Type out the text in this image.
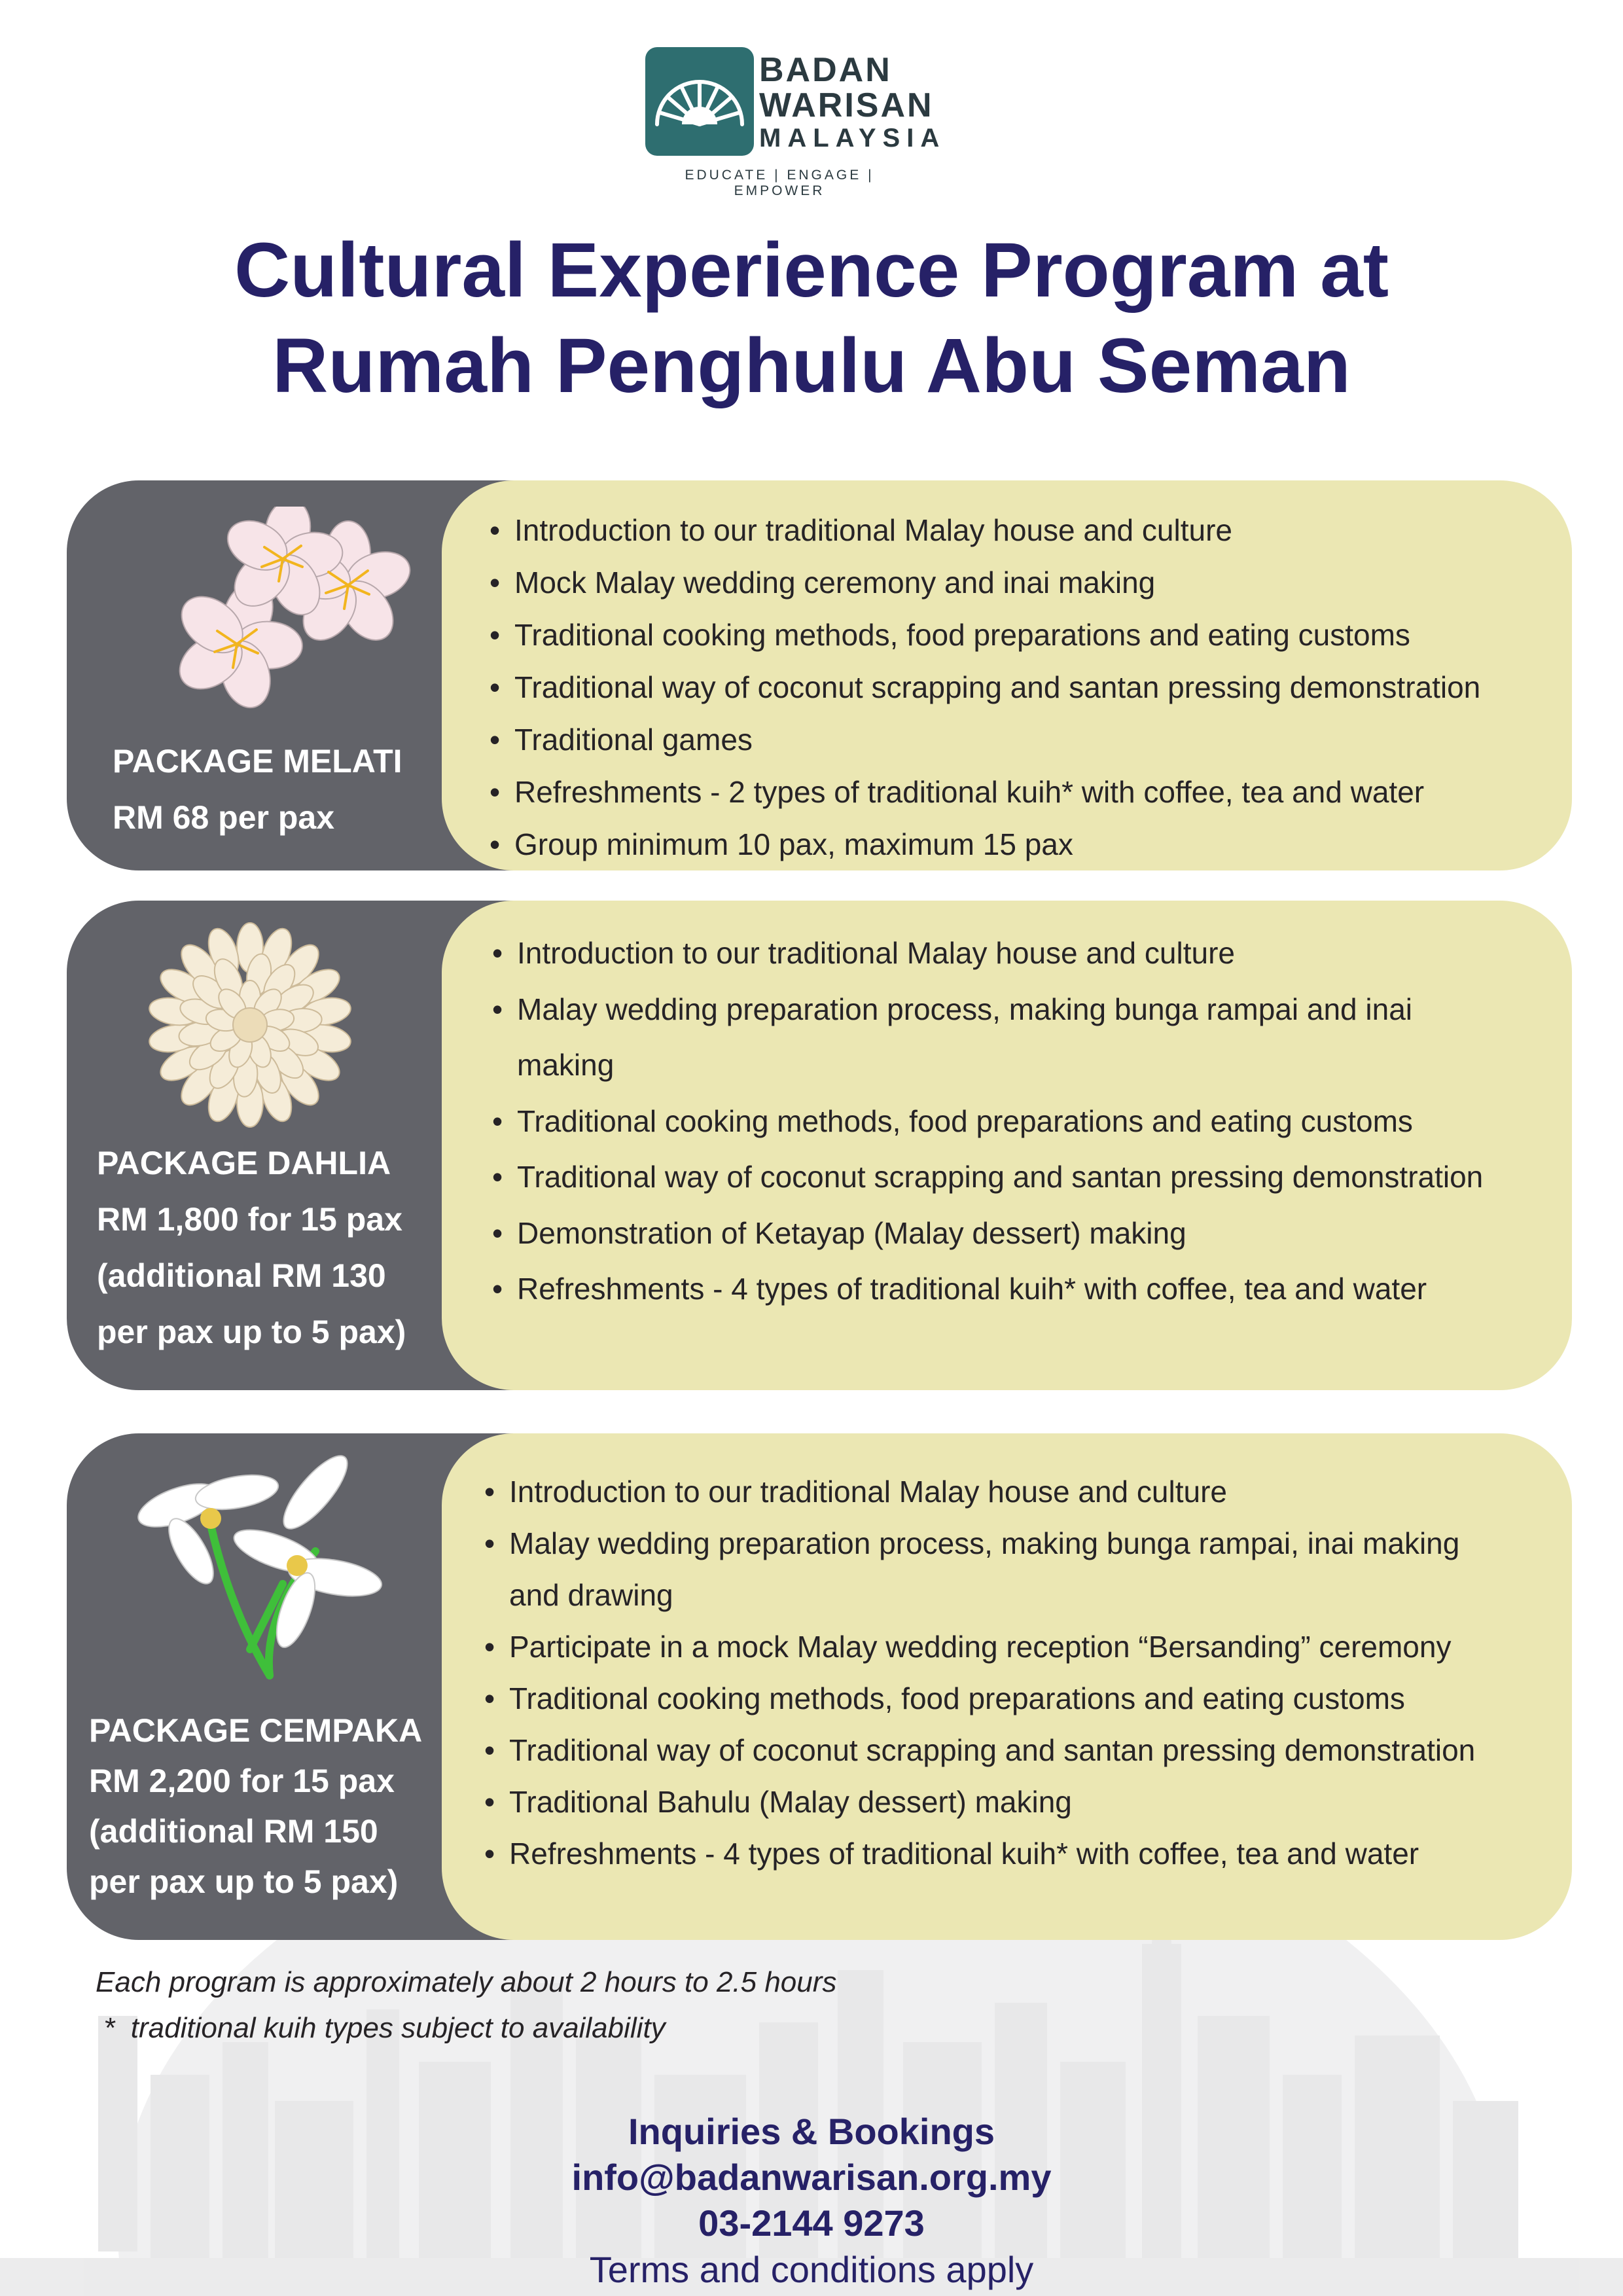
BADAN
WARISAN
MALAYSIA
EDUCATE | ENGAGE | EMPOWER
Cultural Experience Program at
Rumah Penghulu Abu Seman
PACKAGE MELATI
RM 68 per pax
• Introduction to our traditional Malay house and culture
• Mock Malay wedding ceremony and inai making
• Traditional cooking methods, food preparations and eating customs
• Traditional way of coconut scrapping and santan pressing demonstration
• Traditional games
• Refreshments - 2 types of traditional kuih* with coffee, tea and water
• Group minimum 10 pax, maximum 15 pax
PACKAGE DAHLIA
RM 1,800 for 15 pax
(additional RM 130
per pax up to 5 pax)
• Introduction to our traditional Malay house and culture
• Malay wedding preparation process, making bunga rampai and inai
making
• Traditional cooking methods, food preparations and eating customs
• Traditional way of coconut scrapping and santan pressing demonstration
• Demonstration of Ketayap (Malay dessert) making
• Refreshments - 4 types of traditional kuih* with coffee, tea and water
PACKAGE CEMPAKA
RM 2,200 for 15 pax
(additional RM 150
per pax up to 5 pax)
• Introduction to our traditional Malay house and culture
• Malay wedding preparation process, making bunga rampai, inai making
and drawing
• Participate in a mock Malay wedding reception “Bersanding” ceremony
• Traditional cooking methods, food preparations and eating customs
• Traditional way of coconut scrapping and santan pressing demonstration
• Traditional Bahulu (Malay dessert) making
• Refreshments - 4 types of traditional kuih* with coffee, tea and water
Each program is approximately about 2 hours to 2.5 hours
*  traditional kuih types subject to availability
Inquiries & Bookings
info@badanwarisan.org.my
03-2144 9273
Terms and conditions apply
